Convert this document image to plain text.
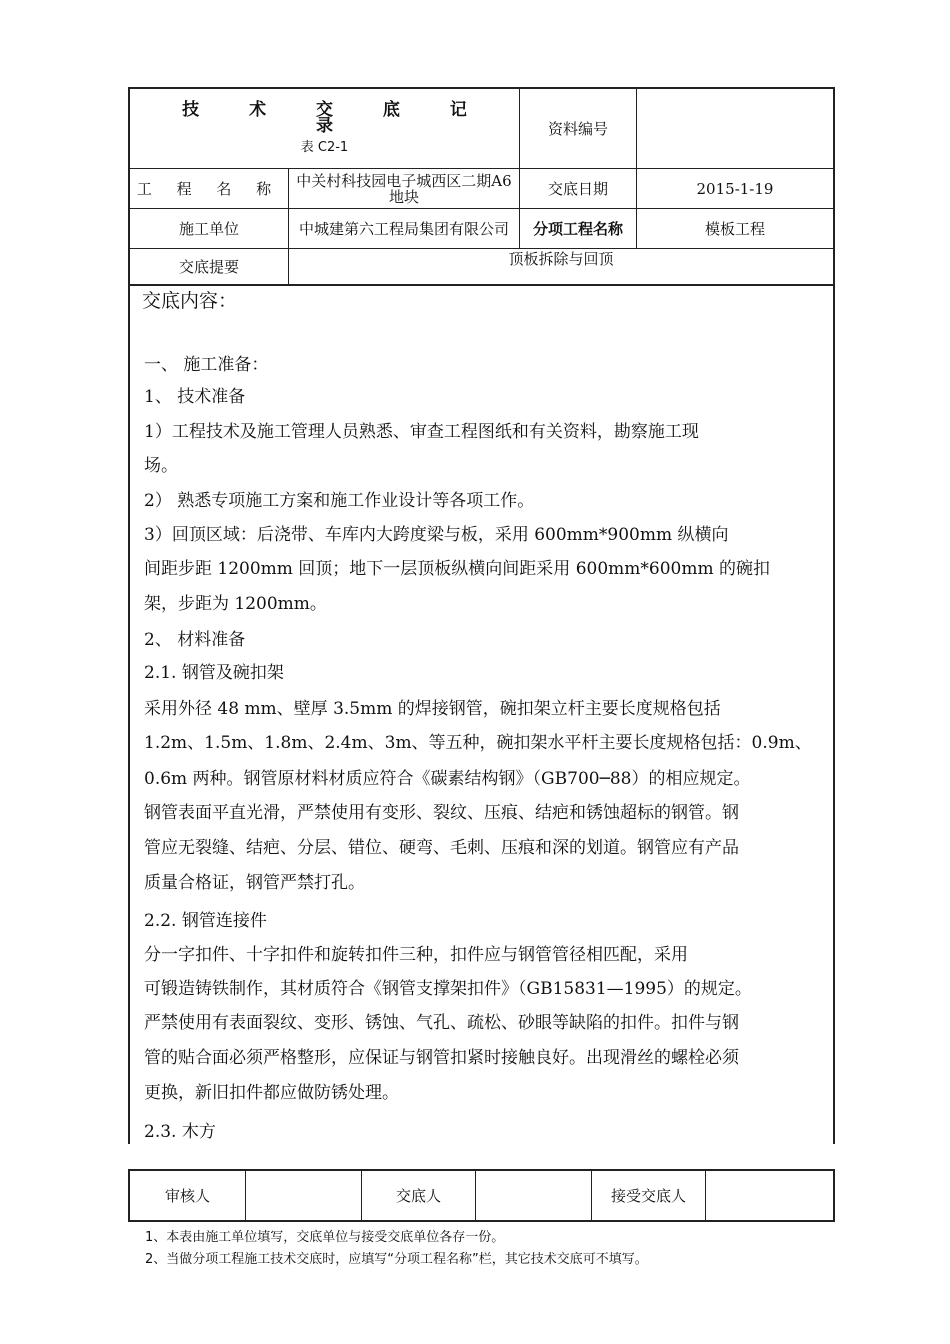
技 术 交 底 记 录
表 C2-1
资料编号
工 程 名 称	中关村科技园电子城西区二期A6 地块	交底日期	2015-1-19
施工单位	中城建第六工程局集团有限公司	分项工程名称	模板工程
交底提要	顶板拆除与回顶
交底内容：
一、 施工准备：
1、 技术准备
1）工程技术及施工管理人员熟悉、审查工程图纸和有关资料，勘察施工现
场。
2） 熟悉专项施工方案和施工作业设计等各项工作。
3）回顶区域：后浇带、车库内大跨度梁与板，采用 600mm*900mm 纵横向
间距步距 1200mm 回顶；地下一层顶板纵横向间距采用 600mm*600mm 的碗扣
架，步距为 1200mm。
2、 材料准备
2.1. 钢管及碗扣架
采用外径 48 mm、壁厚 3.5mm 的焊接钢管，碗扣架立杆主要长度规格包括
1.2m、1.5m、1.8m、2.4m、3m、等五种，碗扣架水平杆主要长度规格包括：0.9m、
0.6m 两种。钢管原材料材质应符合《碳素结构钢》（GB700─88）的相应规定。
钢管表面平直光滑，严禁使用有变形、裂纹、压痕、结疤和锈蚀超标的钢管。钢
管应无裂缝、结疤、分层、错位、硬弯、毛刺、压痕和深的划道。钢管应有产品
质量合格证，钢管严禁打孔。
2.2. 钢管连接件
分一字扣件、十字扣件和旋转扣件三种，扣件应与钢管管径相匹配，采用
可锻造铸铁制作，其材质符合《钢管支撑架扣件》（GB15831—1995）的规定。
严禁使用有表面裂纹、变形、锈蚀、气孔、疏松、砂眼等缺陷的扣件。扣件与钢
管的贴合面必须严格整形，应保证与钢管扣紧时接触良好。出现滑丝的螺栓必须
更换，新旧扣件都应做防锈处理。
2.3. 木方
审核人	交底人	接受交底人
1、本表由施工单位填写，交底单位与接受交底单位各存一份。
2、当做分项工程施工技术交底时，应填写“分项工程名称”栏，其它技术交底可不填写。
